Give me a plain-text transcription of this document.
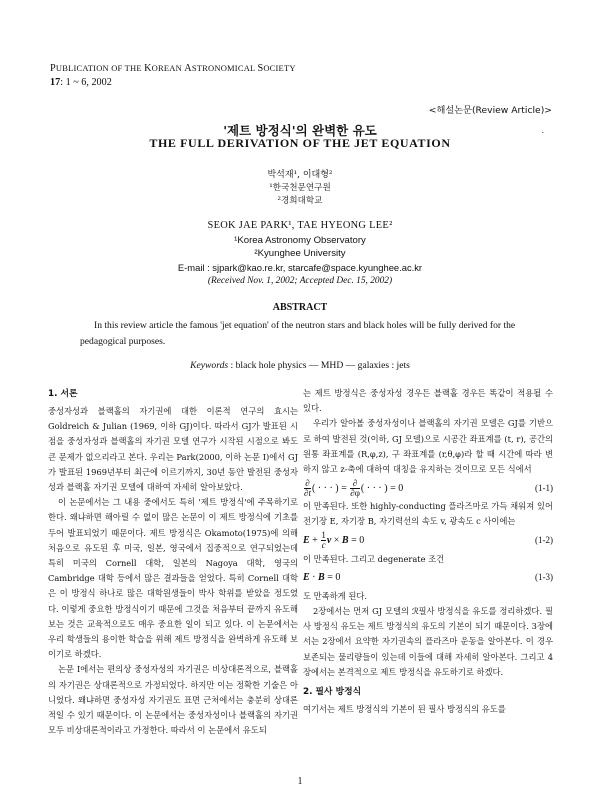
PUBLICATION OF THE KOREAN ASTRONOMICAL SOCIETY
17: 1 ~ 6, 2002
<해설논문(Review Article)>
'제트 방정식'의 완벽한 유도	.
THE FULL DERIVATION OF THE JET EQUATION
박석재¹, 이대형²
¹한국천문연구원
²경희대학교
SEOK JAE PARK¹, TAE HYEONG LEE²
¹Korea Astronomy Observatory
²Kyunghee University
E-mail : sjpark@kao.re.kr, starcafe@space.kyunghee.ac.kr
(Received Nov. 1, 2002; Accepted Dec. 15, 2002)
ABSTRACT
In this review article the famous 'jet equation' of the neutron stars and black holes will be fully derived for the pedagogical purposes.
Keywords : black hole physics — MHD — galaxies : jets
1. 서론

중성자성과 블랙홀의 자기권에 대한 이론적 연구의 효시는 Goldreich & Julian (1969, 이하 GJ)이다. 따라서 GJ가 발표된 시점을 중성자성과 블랙홀의 자기권 모델 연구가 시작된 시점으로 봐도 큰 문제가 없으리라고 본다. 우리는 Park(2000, 이하 논문 I)에서 GJ가 발표된 1969년부터 최근에 이르기까지, 30년 동안 발전된 중성자성과 블랙홀 자기권 모델에 대하여 자세히 알아보았다.

이 논문에서는 그 내용 중에서도 특히 '제트 방정식'에 주목하기로 한다. 왜냐하면 해아릴 수 없이 많은 논문이 이 제트 방정식에 기초를 두어 발표되었기 때문이다. 제트 방정식은 Okamoto(1975)에 의해 처음으로 유도된 후 미국, 일본, 영국에서 집중적으로 연구되었는데 특히 미국의 Cornell 대학, 일본의 Nagoya 대학, 영국의 Cambridge 대학 등에서 많은 결과들을 얻었다. 특히 Cornell 대학은 이 방정식 하나로 많은 대학원생들이 박사 학위를 받았을 정도였다. 이렇게 중요한 방정식이기 때문에 그것을 처음부터 끝까지 유도해보는 것은 교육적으로도 매우 중요한 일이 되고 있다. 이 논문에서는 우리 학생들의 용이한 학습을 위해 제트 방정식을 완벽하게 유도해 보이기로 하겠다.

논문 I에서는 편의상 중성자성의 자기권은 비상대론적으로, 블랙홀의 자기권은 상대론적으로 가정되었다. 하지만 이는 정확한 기술은 아니었다. 왜냐하면 중성자성 자기권도 표면 근처에서는 충분히 상대론적일 수 있기 때문이다. 이 논문에서는 중성자성이나 블랙홀의 자기권 모두 비상대론적이라고 가정한다. 따라서 이 논문에서 유도되

는 제트 방정식은 중성자성 경우든 블랙홀 경우든 똑같이 적용될 수 있다.

우리가 알아볼 중성자성이나 블랙홀의 자기권 모델은 GJ를 기반으로 하여 발전된 것(이하, GJ 모델)으로 시공간 좌표계를 (t, r), 공간의 원통 좌표계를 (R,φ,z), 구 좌표계를 (r,θ,φ)라 할 때 시간에 따라 변하지 않고 z-축에 대하여 대칭을 유지하는 것이므로 모든 식에서

$\frac{\partial}{\partial t}$ ( · · · ) = $\frac{\partial}{\partial\varphi}$ ( · · · ) = 0	(1-1)

이 만족된다. 또한 highly-conducting 플라즈마로 가득 채워져 있어 전기장 E, 자기장 B, 자기력선의 속도 v, 광속도 c 사이에는

$E + \frac{1}{c}$ v × B = 0	(1-2)

이 만족된다. 그리고 degenerate 조건

E · B = 0	(1-3)

도 만족하게 된다.

2장에서는 먼저 GJ 모델의 ℛ필사 방정식을 유도를 정리하겠다. 필사 방정식 유도는 제트 방정식의 유도의 기본이 되기 때문이다. 3장에서는 2장에서 요약한 자기권속의 플라즈마 운동을 알아본다. 이 경우 보존되는 물리량들이 있는데 이들에 대해 자세히 알아본다. 그리고 4장에서는 본격적으로 제트 방정식을 유도하기로 하겠다.

2. 필사 방정식

여기서는 제트 방정식의 기본이 된 필사 방정식의 유도를

1
